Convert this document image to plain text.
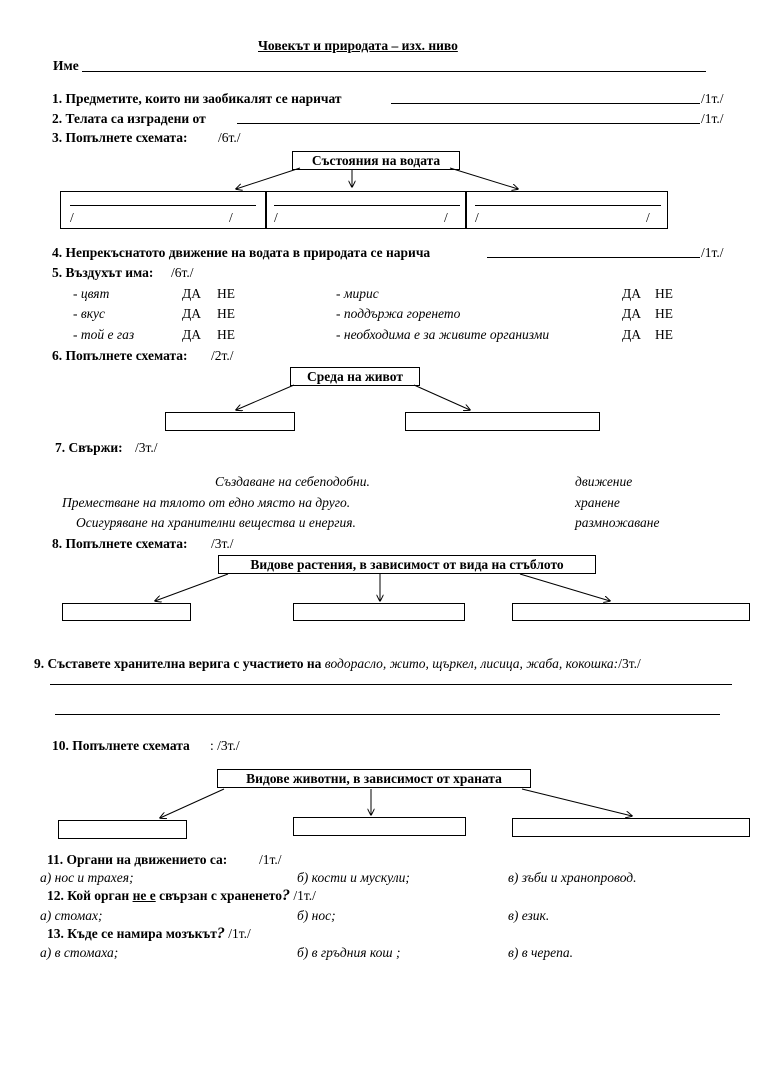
Човекът и природата – изх. ниво
Име
1. Предметите, които ни заобикалят се наричат	/1т./
2. Телата са изградени от	/1т./
3. Попълнете схемата: /6т./
Състояния на водата
/	/	/	/ /	/
4. Непрекъснатото движение на водата в природата се нарича	/1т./
5. Въздухът има: /6т./
- цвят	ДА НЕ	- мирис	ДА НЕ
- вкус	ДА НЕ	- поддържа горенето	ДА НЕ
- той е газ	ДА НЕ	- необходима е за живите организми	ДА НЕ
6. Попълнете схемата: /2т./
Среда на живот
7. Свържи: /3т./
Създаване на себеподобни.
Преместване на тялото от едно място на друго.
Осигуряване на хранителни вещества и енергия.
движение
хранене
размножаване
8. Попълнете схемата: /3т./
Видове растения, в зависимост от вида на стъблото
9. Съставете хранителна верига с участието на водорасло, жито, щъркел, лисица, жаба, кокошка:/3т./
10. Попълнете схемата : /3т./
Видове животни, в зависимост от храната
11. Органи на движението са: /1т./
а) нос и трахея;	б) кости и мускули;	в) зъби и хранопровод.
12. Кой орган не е свързан с храненето? /1т./
а) стомах;	б) нос;	в) език.
13. Къде се намира мозъкът? /1т./
а) в стомаха;	б) в гръдния кош ;	в) в черепа.
